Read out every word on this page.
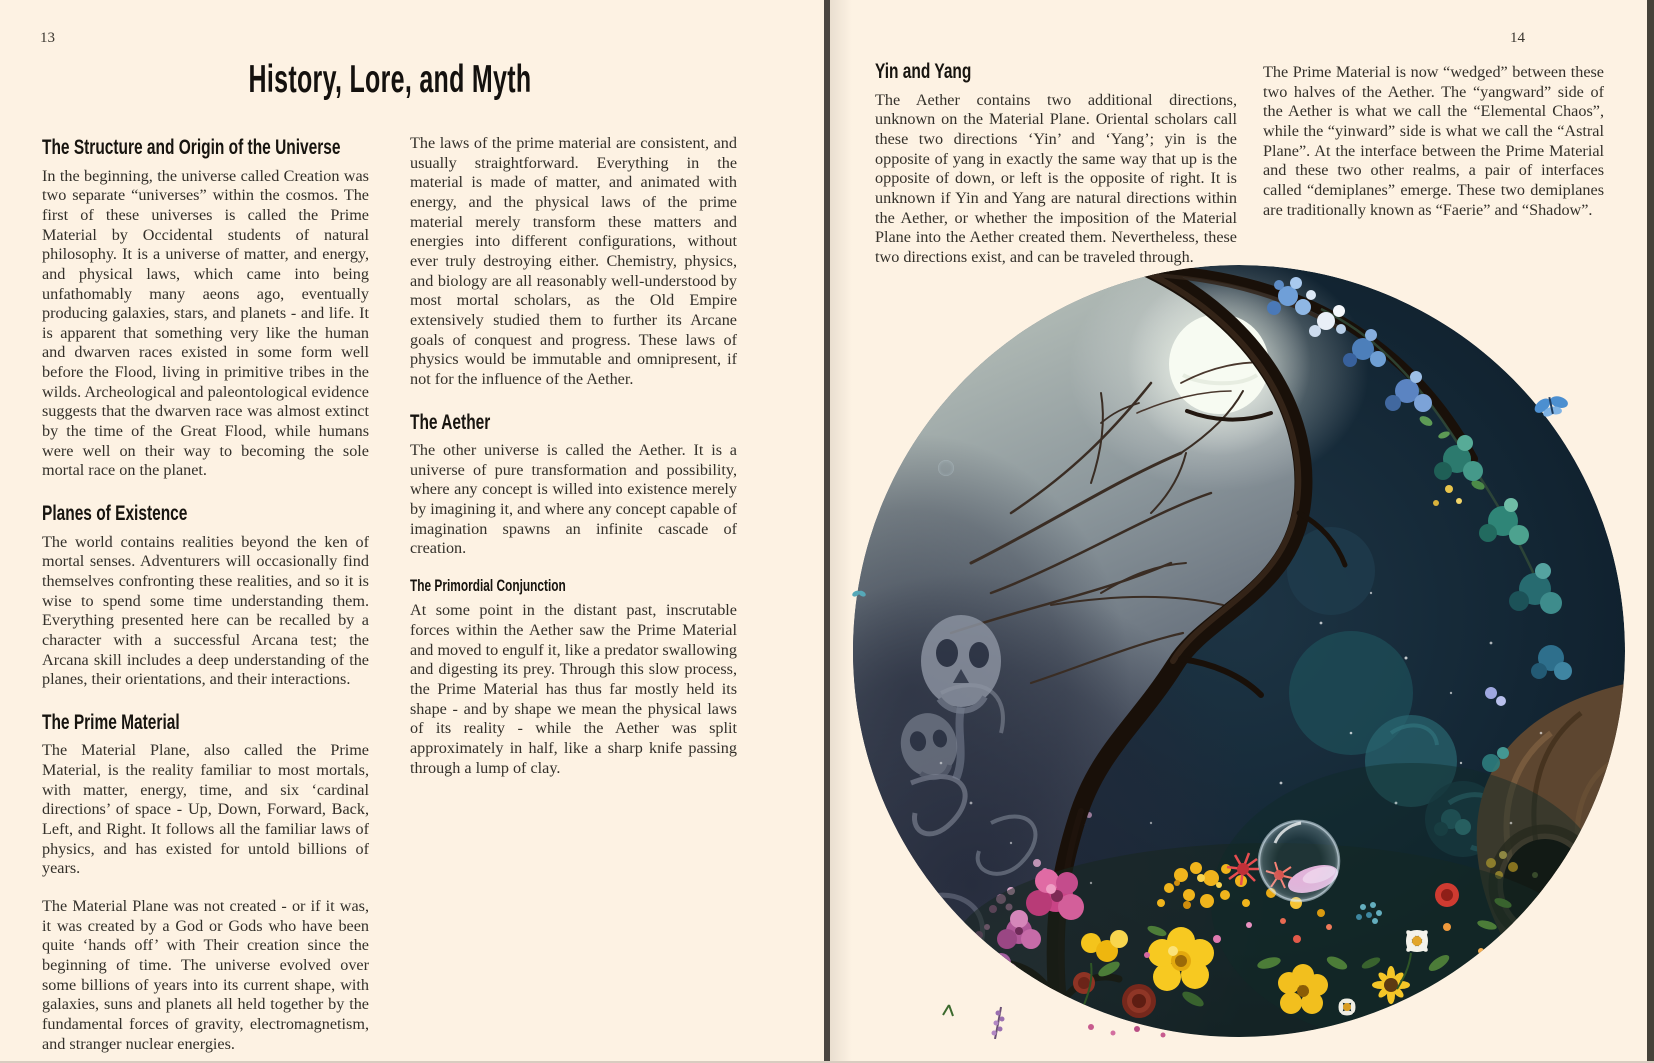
13
History, Lore, and Myth
The Structure and Origin of the Universe

In the beginning, the universe called Creation was two separate “universes” within the cosmos. The first of these universes is called the Prime Material by Occidental students of natural philosophy. It is a universe of matter, and energy, and physical laws, which came into being unfathomably many aeons ago, eventually producing galaxies, stars, and planets - and life. It is apparent that something very like the human and dwarven races existed in some form well before the Flood, living in primitive tribes in the wilds. Archeological and paleontological evidence suggests that the dwarven race was almost extinct by the time of the Great Flood, while humans were well on their way to becoming the sole mortal race on the planet.

Planes of Existence

The world contains realities beyond the ken of mortal senses. Adventurers will occasionally find themselves confronting these realities, and so it is wise to spend some time understanding them. Everything presented here can be recalled by a character with a successful Arcana test; the Arcana skill includes a deep understanding of the planes, their orientations, and their interactions.

The Prime Material

The Material Plane, also called the Prime Material, is the reality familiar to most mortals, with matter, energy, time, and six ‘cardinal directions’ of space - Up, Down, Forward, Back, Left, and Right. It follows all the familiar laws of physics, and has existed for untold billions of years.

The Material Plane was not created - or if it was, it was created by a God or Gods who have been quite ‘hands off’ with Their creation since the beginning of time. The universe evolved over some billions of years into its current shape, with galaxies, suns and planets all held together by the fundamental forces of gravity, electromagnetism, and stranger nuclear energies.

The laws of the prime material are consistent, and usually straightforward. Everything in the material is made of matter, and animated with energy, and the physical laws of the prime material merely transform these matters and energies into different configurations, without ever truly destroying either. Chemistry, physics, and biology are all reasonably well-understood by most mortal scholars, as the Old Empire extensively studied them to further its Arcane goals of conquest and progress. These laws of physics would be immutable and omnipresent, if not for the influence of the Aether.

The Aether

The other universe is called the Aether. It is a universe of pure transformation and possibility, where any concept is willed into existence merely by imagining it, and where any concept capable of imagination spawns an infinite cascade of creation.

The Primordial Conjunction

At some point in the distant past, inscrutable forces within the Aether saw the Prime Material and moved to engulf it, like a predator swallowing and digesting its prey. Through this slow process, the Prime Material has thus far mostly held its shape - and by shape we mean the physical laws of its reality - while the Aether was split approximately in half, like a sharp knife passing through a lump of clay.

14
Yin and Yang

The Aether contains two additional directions, unknown on the Material Plane. Oriental scholars call these two directions ‘Yin’ and ‘Yang’; yin is the opposite of yang in exactly the same way that up is the opposite of down, or left is the opposite of right. It is unknown if Yin and Yang are natural directions within the Aether, or whether the imposition of the Material Plane into the Aether created them. Nevertheless, these two directions exist, and can be traveled through.

The Prime Material is now “wedged” between these two halves of the Aether. The “yangward” side of the Aether is what we call the “Elemental Chaos”, while the “yinward” side is what we call the “Astral Plane”. At the interface between the Prime Material and these two other realms, a pair of interfaces called “demiplanes” emerge. These two demiplanes are traditionally known as “Faerie” and “Shadow”.
